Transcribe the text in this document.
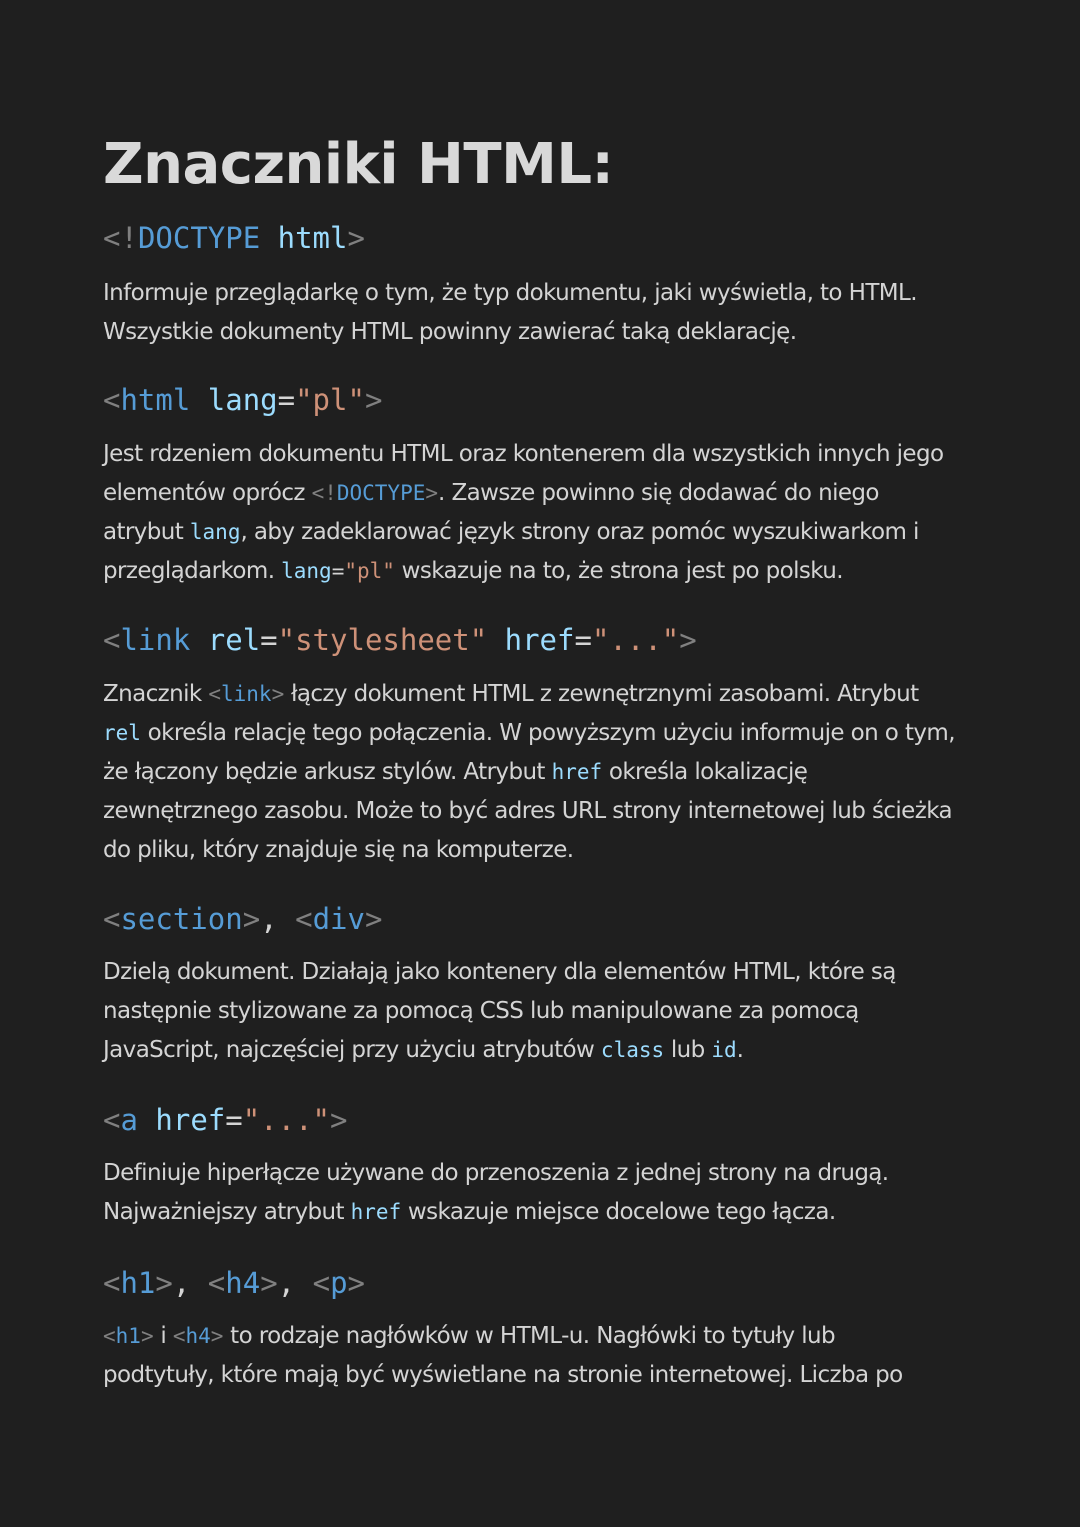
Znaczniki HTML:
<!DOCTYPE html>
Informuje przeglądarkę o tym, że typ dokumentu, jaki wyświetla, to HTML.
Wszystkie dokumenty HTML powinny zawierać taką deklarację.
<html lang="pl">
Jest rdzeniem dokumentu HTML oraz kontenerem dla wszystkich innych jego
elementów oprócz <!DOCTYPE>. Zawsze powinno się dodawać do niego
atrybut lang, aby zadeklarować język strony oraz pomóc wyszukiwarkom i
przeglądarkom. lang="pl" wskazuje na to, że strona jest po polsku.
<link rel="stylesheet" href="...">
Znacznik <link> łączy dokument HTML z zewnętrznymi zasobami. Atrybut
rel określa relację tego połączenia. W powyższym użyciu informuje on o tym,
że łączony będzie arkusz stylów. Atrybut href określa lokalizację
zewnętrznego zasobu. Może to być adres URL strony internetowej lub ścieżka
do pliku, który znajduje się na komputerze.
<section>, <div>
Dzielą dokument. Działają jako kontenery dla elementów HTML, które są
następnie stylizowane za pomocą CSS lub manipulowane za pomocą
JavaScript, najczęściej przy użyciu atrybutów class lub id.
<a href="...">
Definiuje hiperłącze używane do przenoszenia z jednej strony na drugą.
Najważniejszy atrybut href wskazuje miejsce docelowe tego łącza.
<h1>, <h4>, <p>
<h1> i <h4> to rodzaje nagłówków w HTML-u. Nagłówki to tytuły lub
podtytuły, które mają być wyświetlane na stronie internetowej. Liczba po
